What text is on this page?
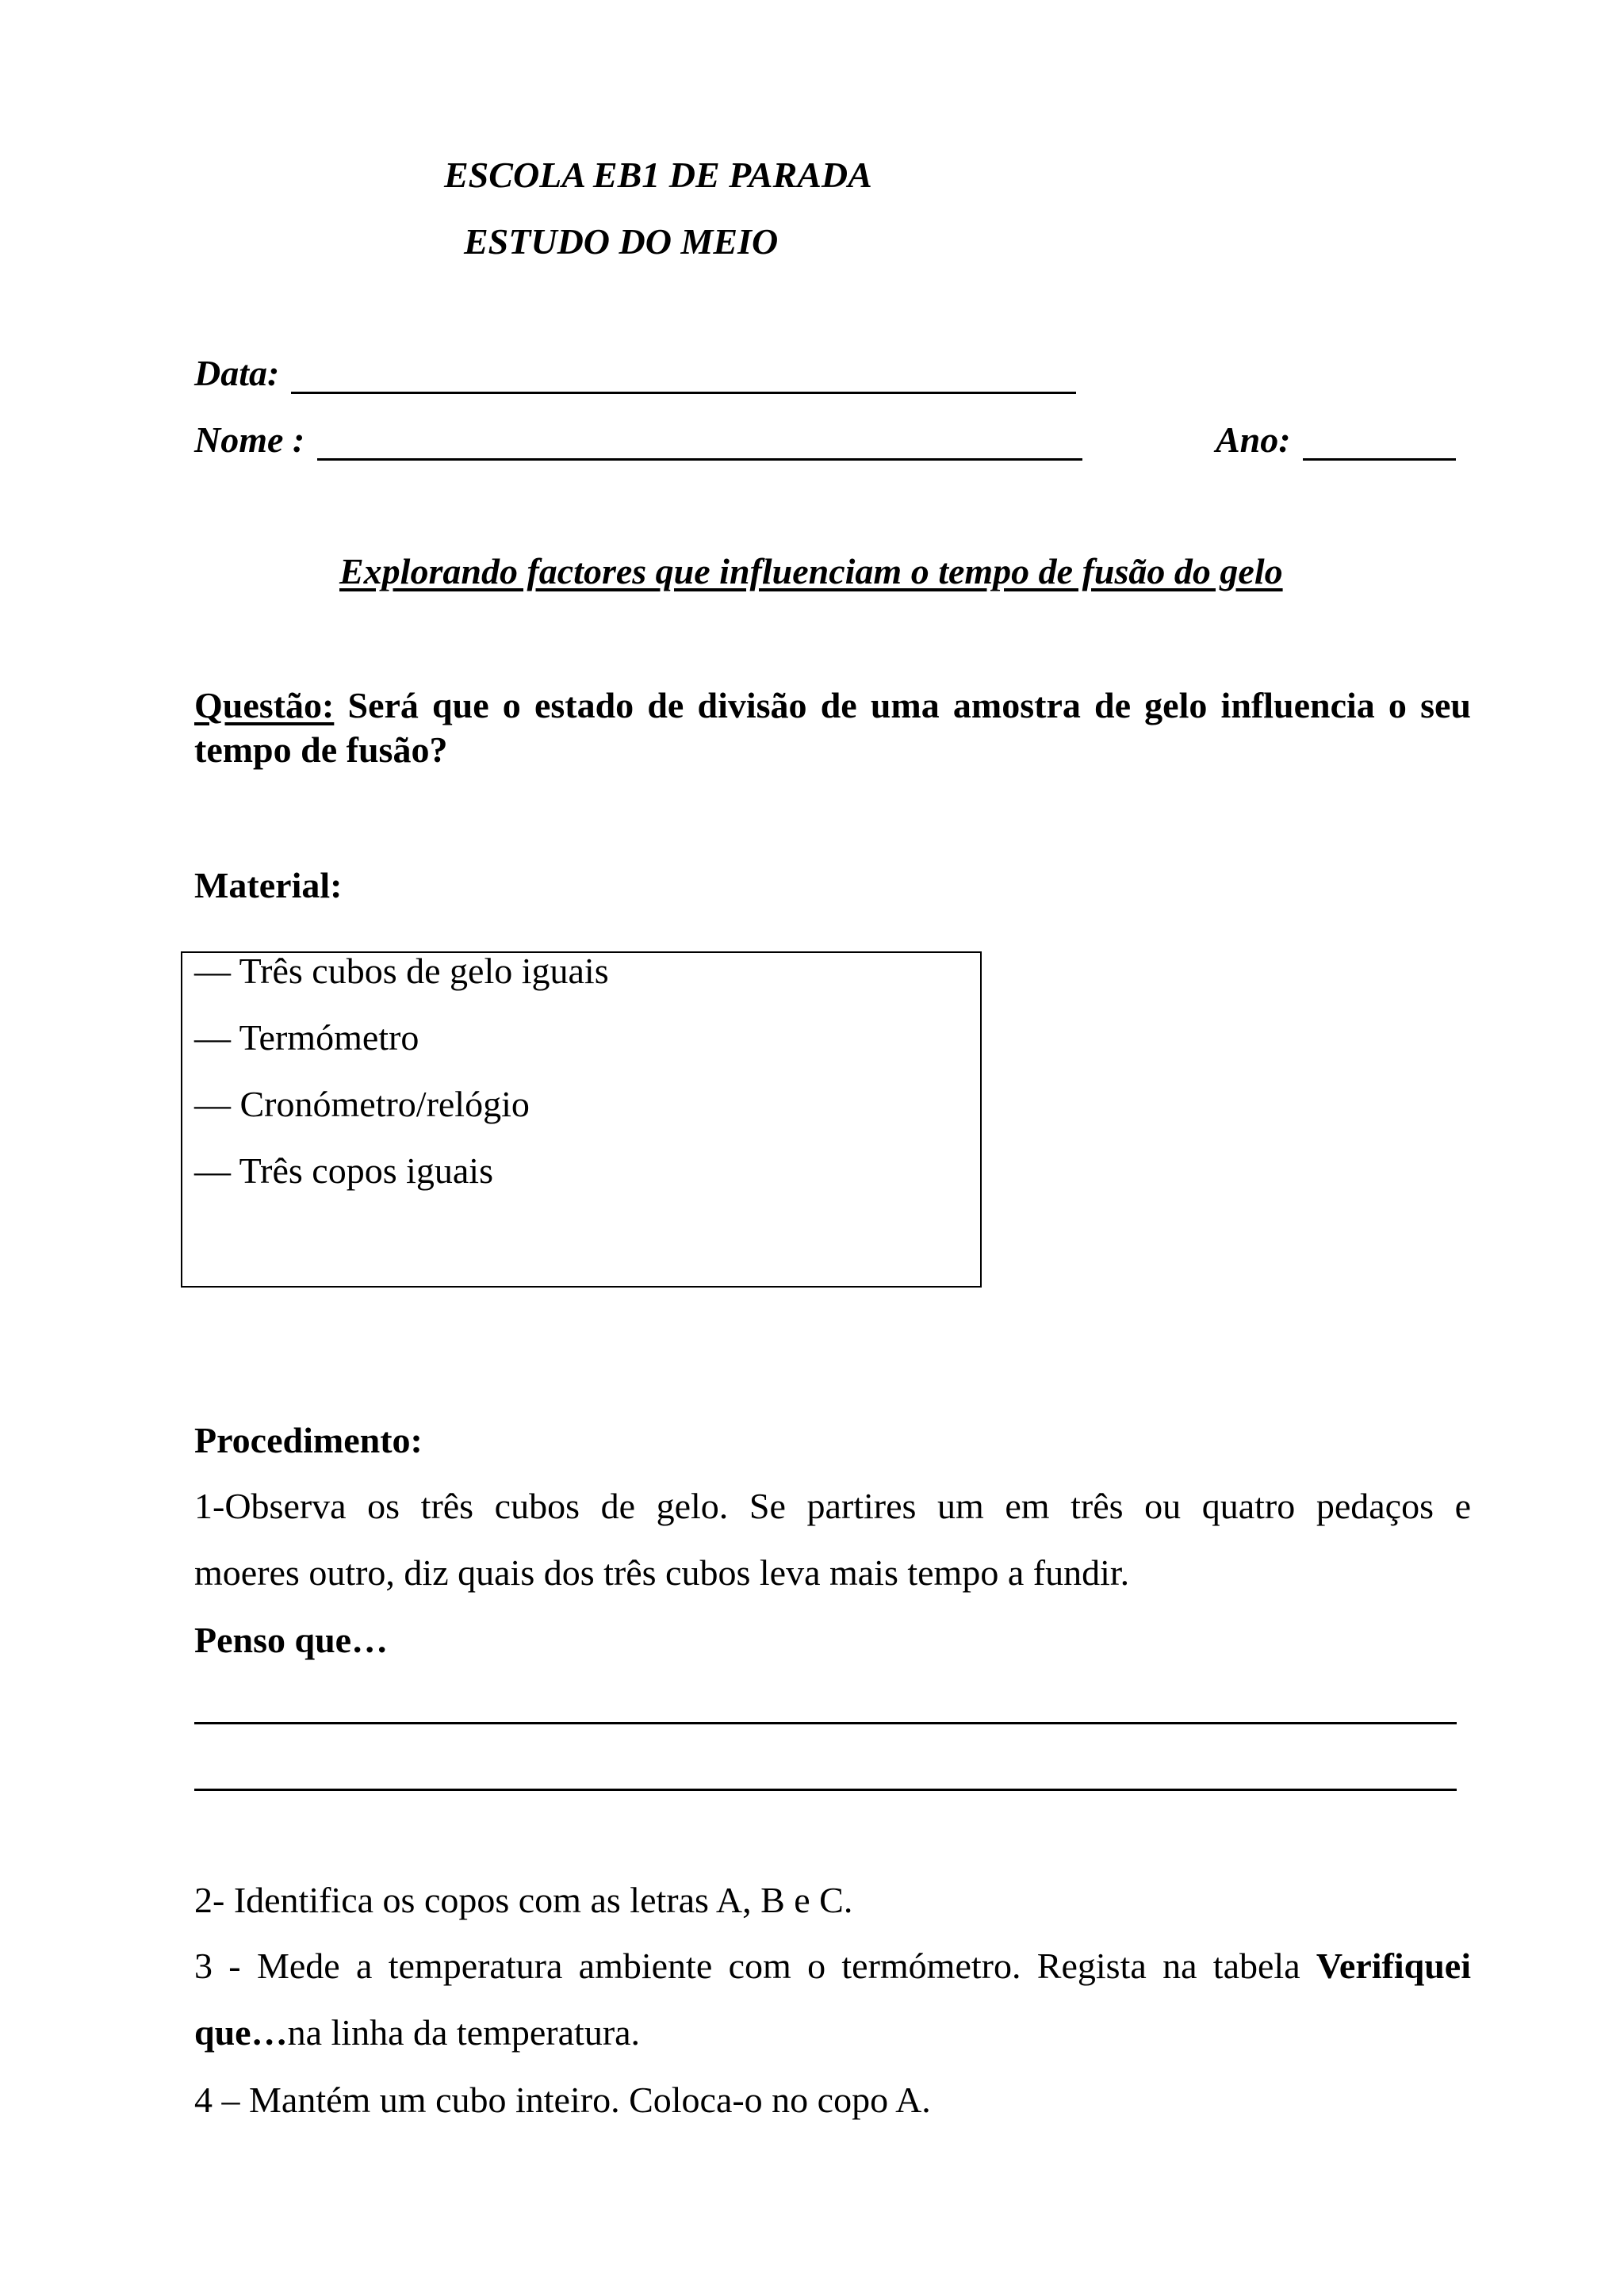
ESCOLA EB1 DE PARADA
ESTUDO DO MEIO
Data:
Nome :	Ano:
Explorando factores que influenciam o tempo de fusão do gelo
Questão: Será que o estado de divisão de uma amostra de gelo influencia o seu tempo de fusão?
Material:
— Três cubos de gelo iguais
— Termómetro
— Cronómetro/relógio
— Três copos iguais
Procedimento:
1-Observa os três cubos de gelo. Se partires um em três ou quatro pedaços e
moeres outro, diz quais dos três cubos leva mais tempo a fundir.
Penso que…
2- Identifica os copos com as letras A, B e C.
3 - Mede a temperatura ambiente com o termómetro. Regista na tabela Verifiquei
que…na linha da temperatura.
4 – Mantém um cubo inteiro. Coloca-o no copo A.
